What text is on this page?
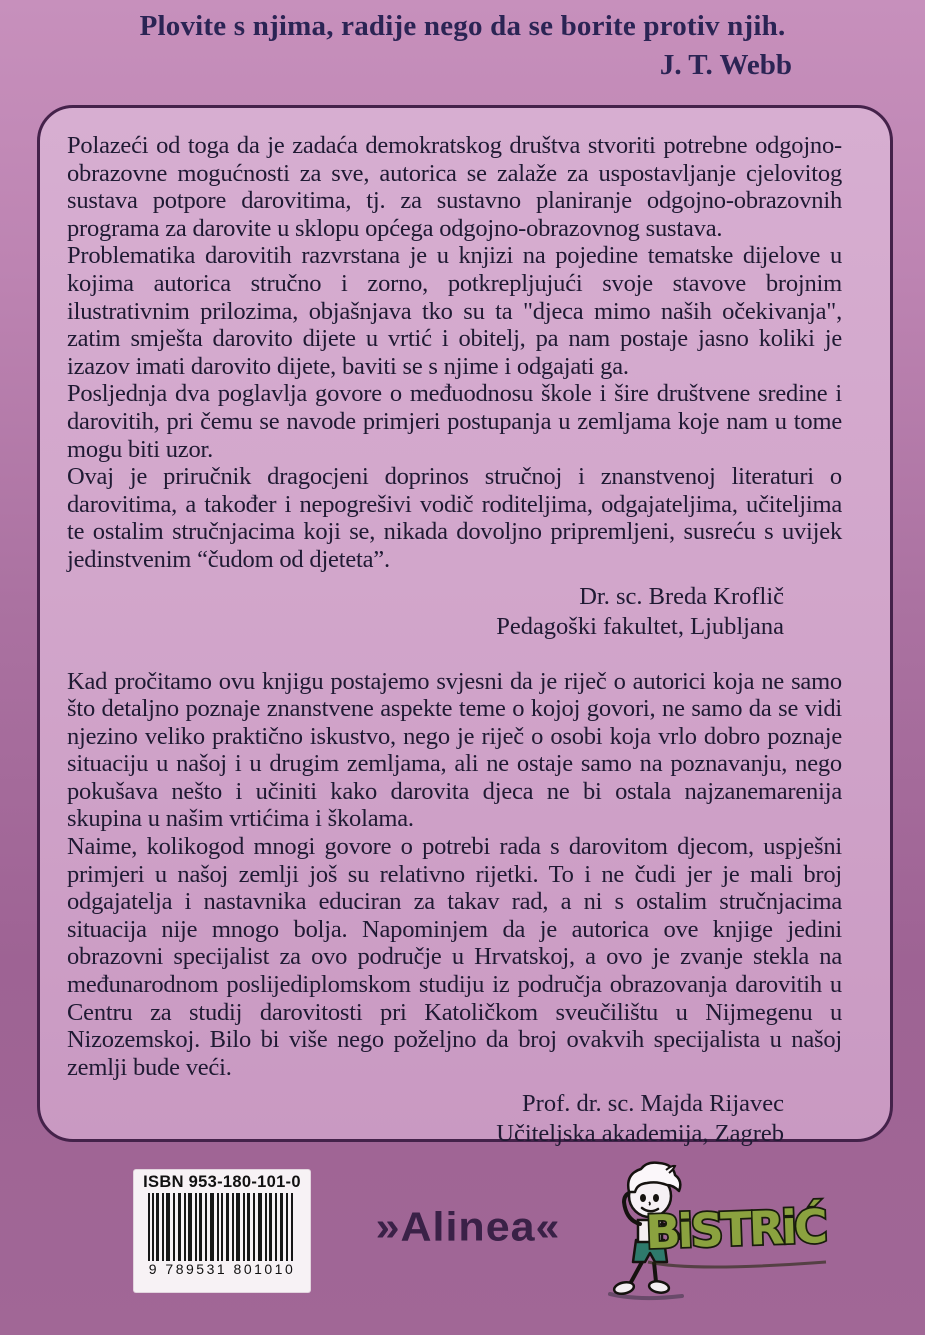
Plovite s njima, radije nego da se borite protiv njih.
J. T. Webb

Polazeći od toga da je zadaća demokratskog društva stvoriti potrebne odgojno-obrazovne mogućnosti za sve, autorica se zalaže za uspostavljanje cjelovitog sustava potpore darovitima, tj. za sustavno planiranje odgojno-obrazovnih programa za darovite u sklopu općega odgojno-obrazovnog sustava.

Problematika darovitih razvrstana je u knjizi na pojedine tematske dijelove u kojima autorica stručno i zorno, potkrepljujući svoje stavove brojnim ilustrativnim prilozima, objašnjava tko su ta "djeca mimo naših očekivanja", zatim smješta darovito dijete u vrtić i obitelj, pa nam postaje jasno koliki je izazov imati darovito dijete, baviti se s njime i odgajati ga.

Posljednja dva poglavlja govore o međuodnosu škole i šire društvene sredine i darovitih, pri čemu se navode primjeri postupanja u zemljama koje nam u tome mogu biti uzor.

Ovaj je priručnik dragocjeni doprinos stručnoj i znanstvenoj literaturi o darovitima, a također i nepogrešivi vodič roditeljima, odgajateljima, učiteljima te ostalim stručnjacima koji se, nikada dovoljno pripremljeni, susreću s uvijek jedinstvenim “čudom od djeteta”.

Dr. sc. Breda Kroflič
Pedagoški fakultet, Ljubljana

Kad pročitamo ovu knjigu postajemo svjesni da je riječ o autorici koja ne samo što detaljno poznaje znanstvene aspekte teme o kojoj govori, ne samo da se vidi njezino veliko praktično iskustvo, nego je riječ o osobi koja vrlo dobro poznaje situaciju u našoj i u drugim zemljama, ali ne ostaje samo na poznavanju, nego pokušava nešto i učiniti kako darovita djeca ne bi ostala najzanemarenija skupina u našim vrtićima i školama.

Naime, kolikogod mnogi govore o potrebi rada s darovitom djecom, uspješni primjeri u našoj zemlji još su relativno rijetki. To i ne čudi jer je mali broj odgajatelja i nastavnika educiran za takav rad, a ni s ostalim stručnjacima situacija nije mnogo bolja. Napominjem da je autorica ove knjige jedini obrazovni specijalist za ovo područje u Hrvatskoj, a ovo je zvanje stekla na međunarodnom poslijediplomskom studiju iz područja obrazovanja darovitih u Centru za studij darovitosti pri Katoličkom sveučilištu u Nijmegenu u Nizozemskoj. Bilo bi više nego poželjno da broj ovakvih specijalista u našoj zemlji bude veći.

Prof. dr. sc. Majda Rijavec
Učiteljska akademija, Zagreb
ISBN 953-180-101-0
9 789531 801010
»Alinea« BiSTRiĆ
